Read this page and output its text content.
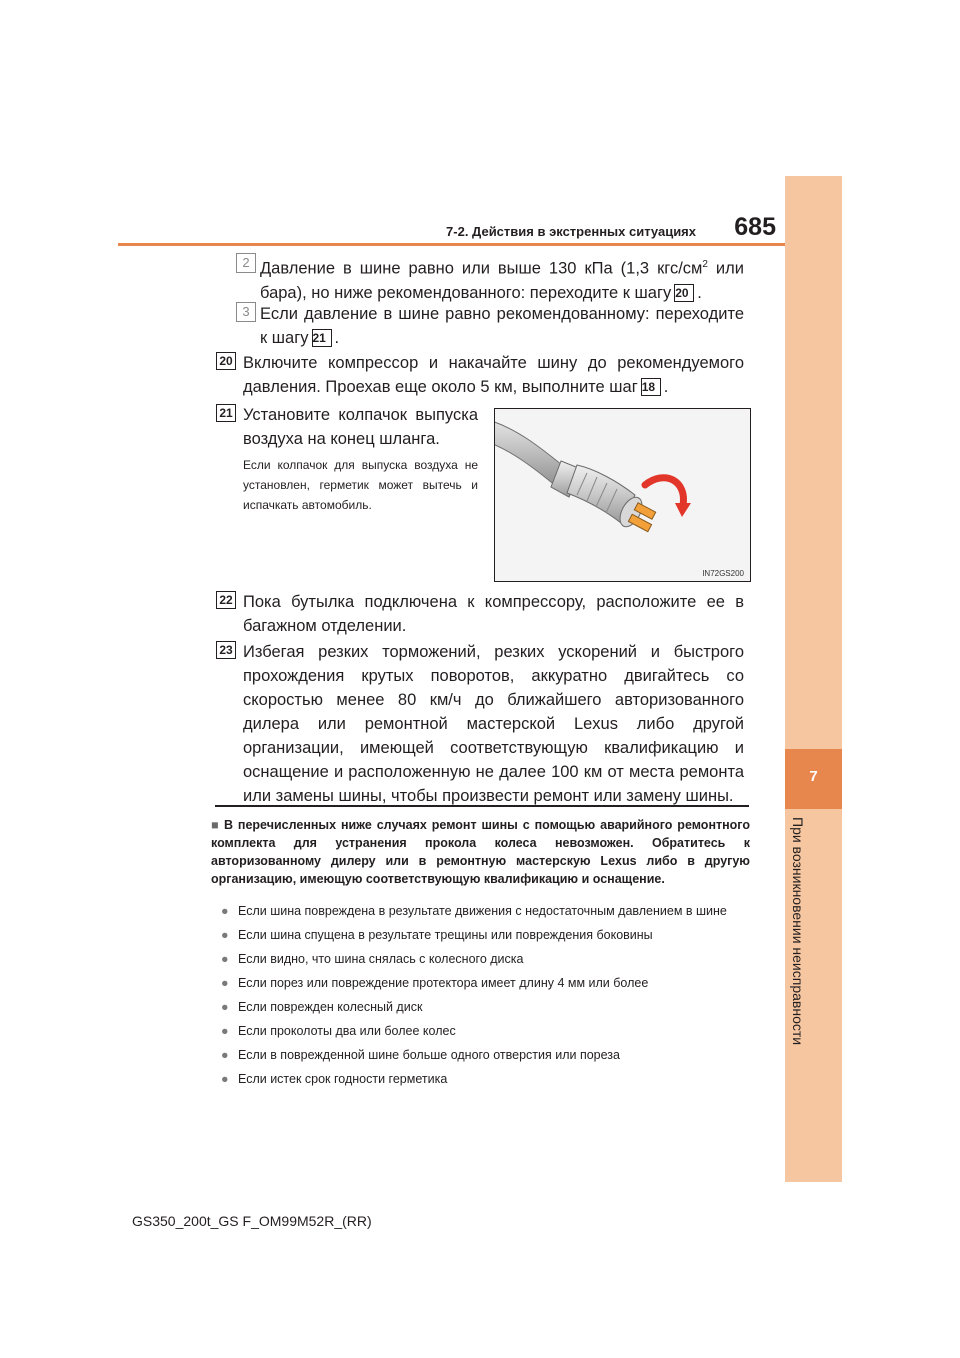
7
При возникновении неисправности
7-2. Действия в экстренных ситуациях	685
2 Давление в шине равно или выше 130 кПа (1,3 кгс/$см^2$ или бара), но ниже рекомендованного: переходите к шагу 20 .
3 Если давление в шине равно рекомендованному: переходите к шагу 21 .
20 Включите компрессор и накачайте шину до рекомендуемого давления. Проехав еще около 5 км, выполните шаг 18 .
21 Установите колпачок выпуска воздуха на конец шланга.
Если колпачок для выпуска воздуха не установлен, герметик может вытечь и испачкать автомобиль.
IN72GS200
22 Пока бутылка подключена к компрессору, расположите ее в багажном отделении.
23 Избегая резких торможений, резких ускорений и быстрого прохождения крутых поворотов, аккуратно двигайтесь со скоростью менее 80 км/ч до ближайшего авторизованного дилера или ремонтной мастерской Lexus либо другой организации, имеющей соответствующую квалификацию и оснащение и расположенную не далее 100 км от места ремонта или замены шины, чтобы произвести ремонт или замену шины.
■ В перечисленных ниже случаях ремонт шины с помощью аварийного ремонтного комплекта для устранения прокола колеса невозможен. Обратитесь к авторизованному дилеру или в ремонтную мастерскую Lexus либо в другую организацию, имеющую соответствующую квалификацию и оснащение.
● Если шина повреждена в результате движения с недостаточным давлением в шине
● Если шина спущена в результате трещины или повреждения боковины
● Если видно, что шина снялась с колесного диска
● Если порез или повреждение протектора имеет длину 4 мм или более
● Если поврежден колесный диск
● Если проколоты два или более колес
● Если в поврежденной шине больше одного отверстия или пореза
● Если истек срок годности герметика
GS350_200t_GS F_OM99M52R_(RR)
